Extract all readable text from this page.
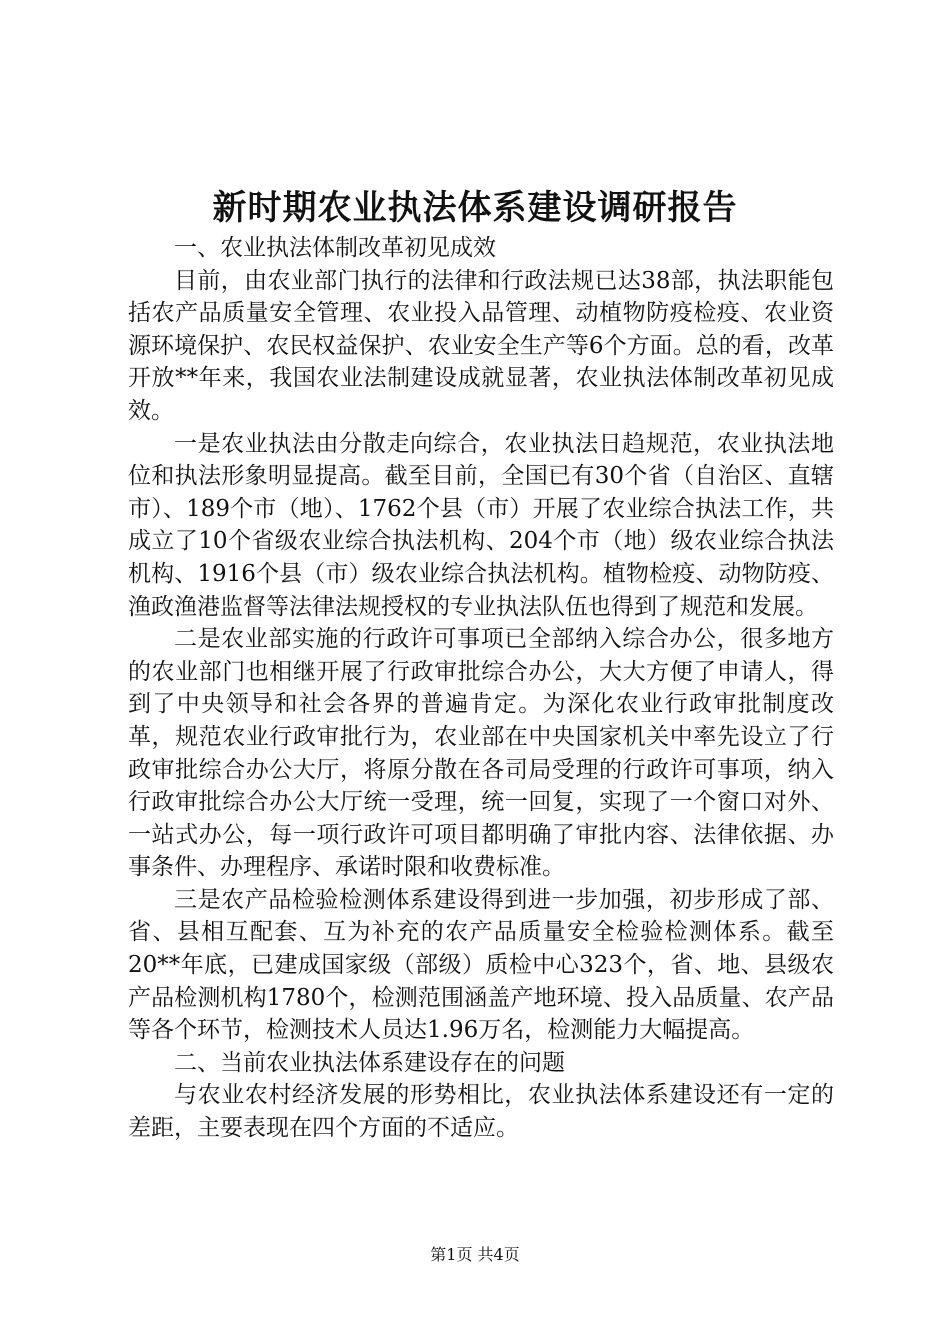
新时期农业执法体系建设调研报告

一、农业执法体制改革初见成效

目前，由农业部门执行的法律和行政法规已达38部，执法职能包括农产品质量安全管理、农业投入品管理、动植物防疫检疫、农业资源环境保护、农民权益保护、农业安全生产等6个方面。总的看，改革开放**年来，我国农业法制建设成就显著，农业执法体制改革初见成效。

一是农业执法由分散走向综合，农业执法日趋规范，农业执法地位和执法形象明显提高。截至目前，全国已有30个省（自治区、直辖市）、189个市（地）、1762个县（市）开展了农业综合执法工作，共成立了10个省级农业综合执法机构、204个市（地）级农业综合执法机构、1916个县（市）级农业综合执法机构。植物检疫、动物防疫、渔政渔港监督等法律法规授权的专业执法队伍也得到了规范和发展。

二是农业部实施的行政许可事项已全部纳入综合办公，很多地方的农业部门也相继开展了行政审批综合办公，大大方便了申请人，得到了中央领导和社会各界的普遍肯定。为深化农业行政审批制度改革，规范农业行政审批行为，农业部在中央国家机关中率先设立了行政审批综合办公大厅，将原分散在各司局受理的行政许可事项，纳入行政审批综合办公大厅统一受理，统一回复，实现了一个窗口对外、一站式办公，每一项行政许可项目都明确了审批内容、法律依据、办事条件、办理程序、承诺时限和收费标准。

三是农产品检验检测体系建设得到进一步加强，初步形成了部、省、县相互配套、互为补充的农产品质量安全检验检测体系。截至20**年底，已建成国家级（部级）质检中心323个，省、地、县级农产品检测机构1780个，检测范围涵盖产地环境、投入品质量、农产品等各个环节，检测技术人员达1.96万名，检测能力大幅提高。

二、当前农业执法体系建设存在的问题

与农业农村经济发展的形势相比，农业执法体系建设还有一定的差距，主要表现在四个方面的不适应。

第1页 共4页
